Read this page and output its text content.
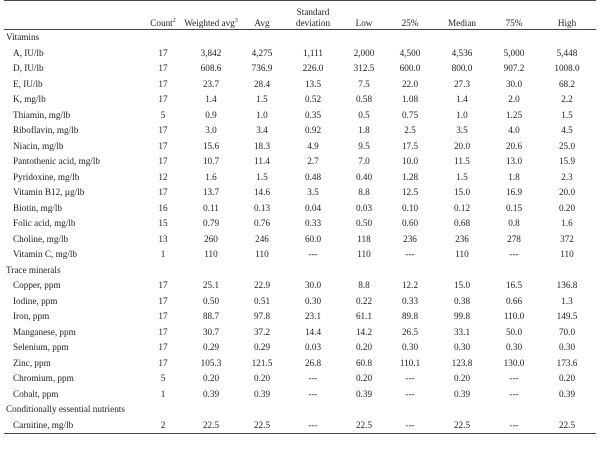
	Count$^2$	Weighted avg$^3$	Avg	Standard deviation	Low	25%	Median	75%	High
Vitamins									
A, IU/lb	17	3,842	4,275	1,111	2,000	4,500	4,536	5,000	5,448
D, IU/lb	17	608.6	736.9	226.0	312.5	600.0	800.0	907.2	1008.0
E, IU/lb	17	23.7	28.4	13.5	7.5	22.0	27.3	30.0	68.2
K, mg/lb	17	1.4	1.5	0.52	0.58	1.08	1.4	2.0	2.2
Thiamin, mg/lb	5	0.9	1.0	0.35	0.5	0.75	1.0	1.25	1.5
Riboflavin, mg/lb	17	3.0	3.4	0.92	1.8	2.5	3.5	4.0	4.5
Niacin, mg/lb	17	15.6	18.3	4.9	9.5	17.5	20.0	20.6	25.0
Pantothenic acid, mg/lb	17	10.7	11.4	2.7	7.0	10.0	11.5	13.0	15.9
Pyridoxine, mg/lb	12	1.6	1.5	0.48	0.40	1.28	1.5	1.8	2.3
Vitamin B12, µg/lb	17	13.7	14.6	3.5	8.8	12.5	15.0	16.9	20.0
Biotin, mg/lb	16	0.11	0.13	0.04	0.03	0.10	0.12	0.15	0.20
Folic acid, mg/lb	15	0.79	0.76	0.33	0.50	0.60	0.68	0.8	1.6
Choline, mg/lb	13	260	246	60.0	118	236	236	278	372
Vitamin C, mg/lb	1	110	110	---	110	---	110	---	110
Trace minerals									
Copper, ppm	17	25.1	22.9	30.0	8.8	12.2	15.0	16.5	136.8
Iodine, ppm	17	0.50	0.51	0.30	0.22	0.33	0.38	0.66	1.3
Iron, ppm	17	88.7	97.8	23.1	61.1	89.8	99.8	110.0	149.5
Manganese, ppm	17	30.7	37.2	14.4	14.2	26.5	33.1	50.0	70.0
Selenium, ppm	17	0.29	0.29	0.03	0.20	0.30	0.30	0.30	0.30
Zinc, ppm	17	105.3	121.5	26.8	60.8	110.1	123.8	130.0	173.6
Chromium, ppm	5	0.20	0.20	---	0.20	---	0.20	---	0.20
Cobalt, ppm	1	0.39	0.39	---	0.39	---	0.39	---	0.39
Conditionally essential nutrients									
Carnitine, mg/lb	2	22.5	22.5	---	22.5	---	22.5	---	22.5
